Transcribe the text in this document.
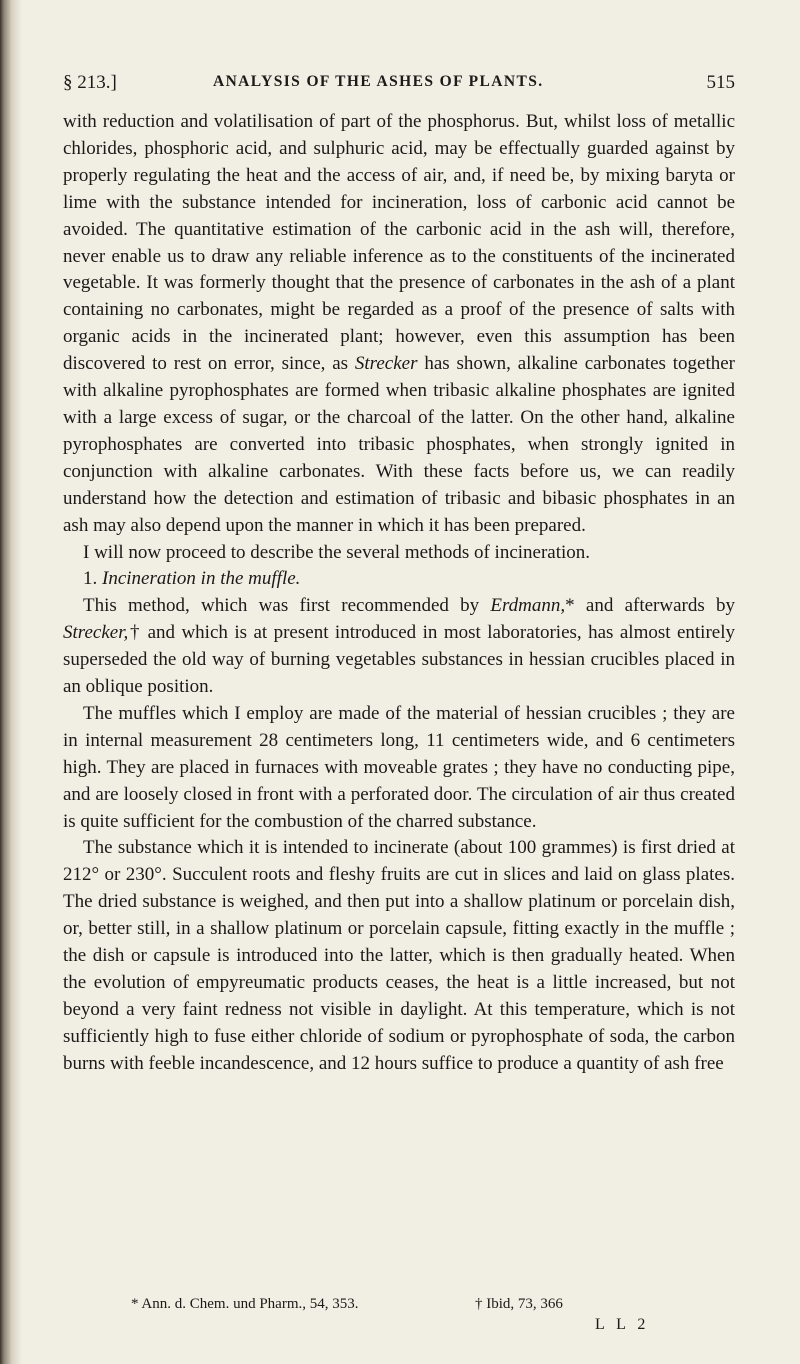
§ 213.]	ANALYSIS OF THE ASHES OF PLANTS.	515

with reduction and volatilisation of part of the phosphorus. But, whilst loss of metallic chlorides, phosphoric acid, and sulphuric acid, may be effectually guarded against by properly regulating the heat and the access of air, and, if need be, by mixing baryta or lime with the substance intended for incineration, loss of carbonic acid cannot be avoided. The quantitative estimation of the carbonic acid in the ash will, therefore, never enable us to draw any reliable inference as to the constituents of the incinerated vegetable. It was formerly thought that the presence of carbonates in the ash of a plant containing no carbonates, might be regarded as a proof of the presence of salts with organic acids in the incinerated plant; however, even this assumption has been discovered to rest on error, since, as Strecker has shown, alkaline carbonates together with alkaline pyrophosphates are formed when tribasic alkaline phosphates are ignited with a large excess of sugar, or the charcoal of the latter. On the other hand, alkaline pyrophosphates are converted into tribasic phosphates, when strongly ignited in conjunction with alkaline carbonates. With these facts before us, we can readily understand how the detection and estimation of tribasic and bibasic phosphates in an ash may also depend upon the manner in which it has been prepared.

I will now proceed to describe the several methods of incineration.

1. Incineration in the muffle.

This method, which was first recommended by Erdmann,* and afterwards by Strecker,† and which is at present introduced in most laboratories, has almost entirely superseded the old way of burning vegetables substances in hessian crucibles placed in an oblique position.

The muffles which I employ are made of the material of hessian crucibles ; they are in internal measurement 28 centimeters long, 11 centimeters wide, and 6 centimeters high. They are placed in furnaces with moveable grates ; they have no conducting pipe, and are loosely closed in front with a perforated door. The circulation of air thus created is quite sufficient for the combustion of the charred substance.

The substance which it is intended to incinerate (about 100 grammes) is first dried at 212° or 230°. Succulent roots and fleshy fruits are cut in slices and laid on glass plates. The dried substance is weighed, and then put into a shallow platinum or porcelain dish, or, better still, in a shallow platinum or porcelain capsule, fitting exactly in the muffle ; the dish or capsule is introduced into the latter, which is then gradually heated. When the evolution of empyreumatic products ceases, the heat is a little increased, but not beyond a very faint redness not visible in daylight. At this temperature, which is not sufficiently high to fuse either chloride of sodium or pyrophosphate of soda, the carbon burns with feeble incandescence, and 12 hours suffice to produce a quantity of ash free

* Ann. d. Chem. und Pharm., 54, 353.	† Ibid, 73, 366
L L 2
